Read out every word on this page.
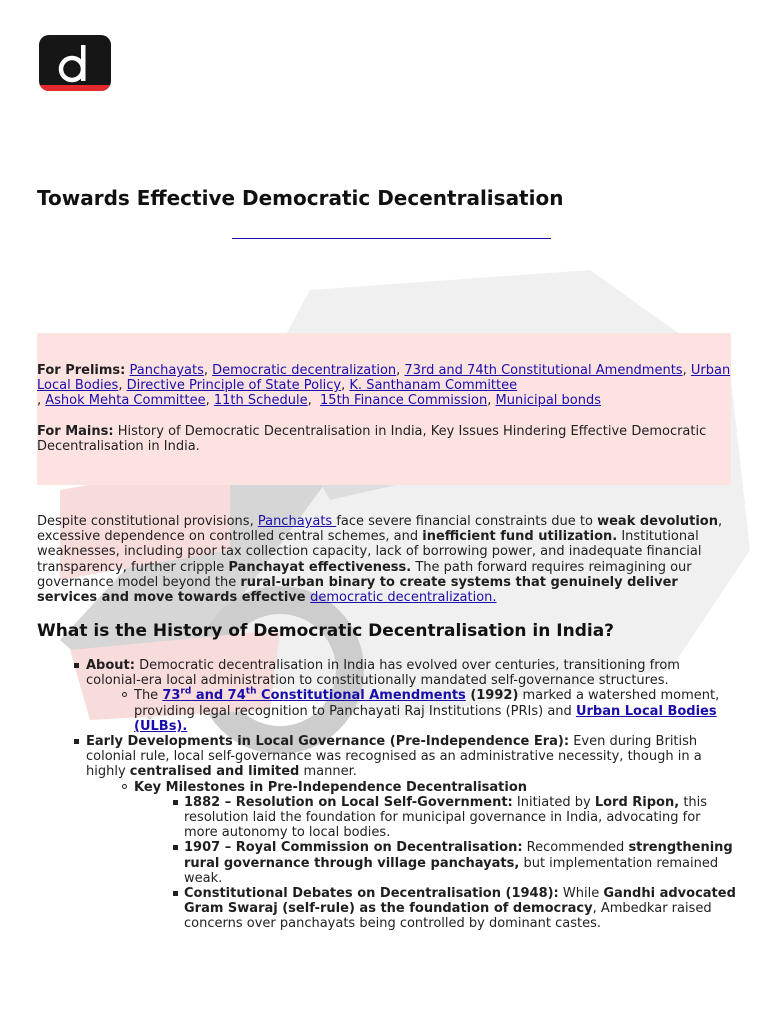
Towards Effective Democratic Decentralisation

For Prelims: Panchayats, Democratic decentralization, 73rd and 74th Constitutional Amendments, Urban Local Bodies, Directive Principle of State Policy, K. Santhanam Committee
, Ashok Mehta Committee, 11th Schedule,  15th Finance Commission, Municipal bonds

For Mains: History of Democratic Decentralisation in India, Key Issues Hindering Effective Democratic Decentralisation in India.

Despite constitutional provisions, Panchayats face severe financial constraints due to weak devolution, excessive dependence on controlled central schemes, and inefficient fund utilization. Institutional weaknesses, including poor tax collection capacity, lack of borrowing power, and inadequate financial transparency, further cripple Panchayat effectiveness. The path forward requires reimagining our governance model beyond the rural-urban binary to create systems that genuinely deliver services and move towards effective democratic decentralization.

What is the History of Democratic Decentralisation in India?
About: Democratic decentralisation in India has evolved over centuries, transitioning from colonial-era local administration to constitutionally mandated self-governance structures.
The 73rd and 74th Constitutional Amendments (1992) marked a watershed moment, providing legal recognition to Panchayati Raj Institutions (PRIs) and Urban Local Bodies (ULBs).
Early Developments in Local Governance (Pre-Independence Era): Even during British colonial rule, local self-governance was recognised as an administrative necessity, though in a highly centralised and limited manner.
Key Milestones in Pre-Independence Decentralisation
1882 – Resolution on Local Self-Government: Initiated by Lord Ripon, this resolution laid the foundation for municipal governance in India, advocating for more autonomy to local bodies.
1907 – Royal Commission on Decentralisation: Recommended strengthening rural governance through village panchayats, but implementation remained weak.
Constitutional Debates on Decentralisation (1948): While Gandhi advocated Gram Swaraj (self-rule) as the foundation of democracy, Ambedkar raised concerns over panchayats being controlled by dominant castes.
